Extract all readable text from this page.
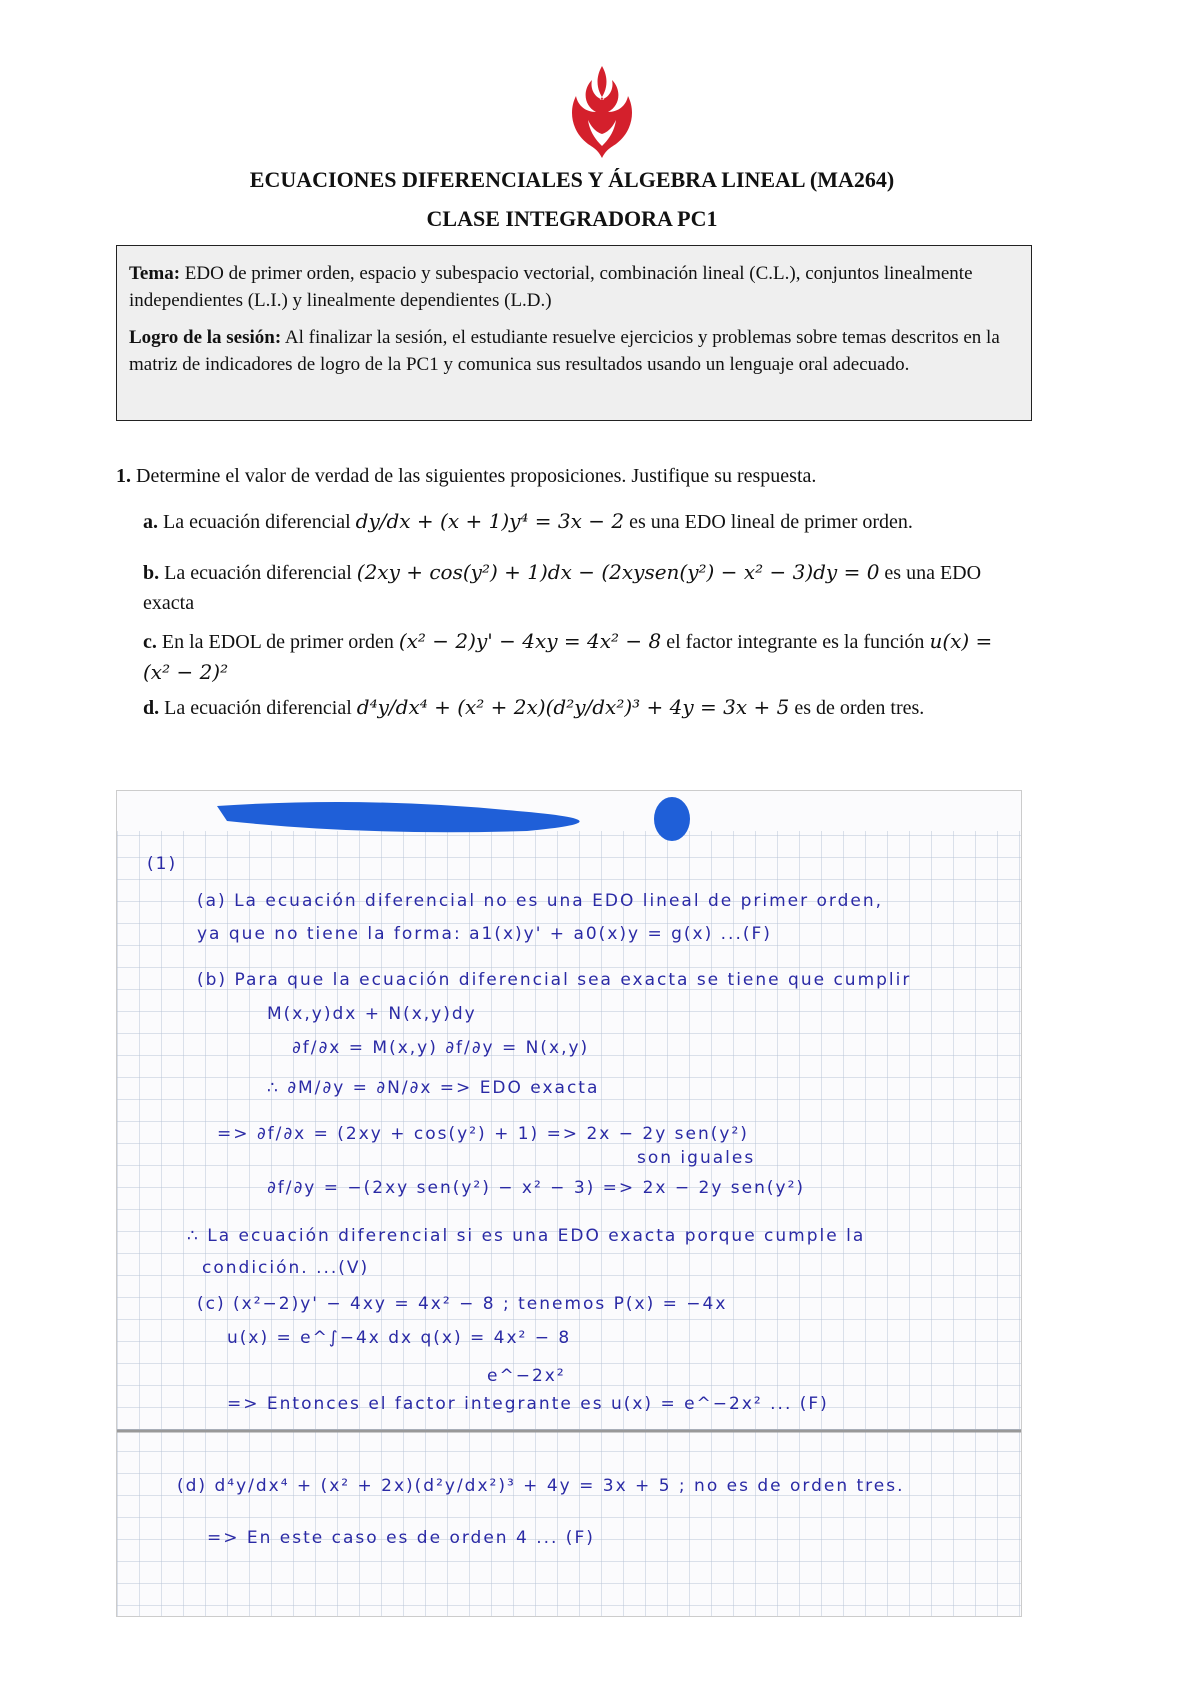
ECUACIONES DIFERENCIALES Y ÁLGEBRA LINEAL (MA264)
CLASE INTEGRADORA PC1

Tema: EDO de primer orden, espacio y subespacio vectorial, combinación lineal (C.L.), conjuntos linealmente independientes (L.I.) y linealmente dependientes (L.D.)

Logro de la sesión: Al finalizar la sesión, el estudiante resuelve ejercicios y problemas sobre temas descritos en la matriz de indicadores de logro de la PC1 y comunica sus resultados usando un lenguaje oral adecuado.

1. Determine el valor de verdad de las siguientes proposiciones. Justifique su respuesta.
a. La ecuación diferencial dy/dx + (x + 1)y⁴ = 3x − 2 es una EDO lineal de primer orden.
b. La ecuación diferencial (2xy + cos(y²) + 1)dx − (2xysen(y²) − x² − 3)dy = 0 es una EDO exacta
c. En la EDOL de primer orden (x² − 2)y' − 4xy = 4x² − 8 el factor integrante es la función u(x) = (x² − 2)²
d. La ecuación diferencial d⁴y/dx⁴ + (x² + 2x)(d²y/dx²)³ + 4y = 3x + 5 es de orden tres.
(1)
(a) La ecuación diferencial no es una EDO lineal de primer orden,
ya que no tiene la forma: a1(x)y' + a0(x)y = g(x) ...(F)
(b) Para que la ecuación diferencial sea exacta se tiene que cumplir
M(x,y)dx + N(x,y)dy
∂f/∂x = M(x,y) ∂f/∂y = N(x,y)
∴ ∂M/∂y = ∂N/∂x => EDO exacta
=> ∂f/∂x = (2xy + cos(y²) + 1) => 2x − 2y sen(y²)
son iguales
∂f/∂y = −(2xy sen(y²) − x² − 3) => 2x − 2y sen(y²)
∴ La ecuación diferencial si es una EDO exacta porque cumple la
condición. ...(V)
(c) (x²−2)y' − 4xy = 4x² − 8 ; tenemos P(x) = −4x
u(x) = e^∫−4x dx q(x) = 4x² − 8
e^−2x²
=> Entonces el factor integrante es u(x) = e^−2x² ... (F)
(d) d⁴y/dx⁴ + (x² + 2x)(d²y/dx²)³ + 4y = 3x + 5 ; no es de orden tres.
=> En este caso es de orden 4 ... (F)
